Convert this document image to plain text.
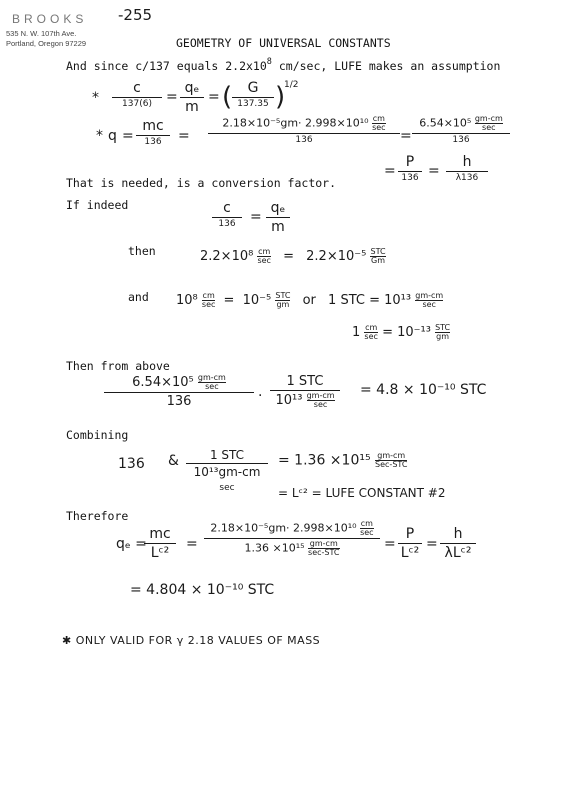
BROOKS -255
535 N. W. 107th Ave.
Portland, Oregon 97229	GEOMETRY OF UNIVERSAL CONSTANTS
And since c/137 equals $2.2x10^8$ cm/sec, LUFE makes an assumption
*
c
137(6)	=
qₑ
m
= (	G
137.35 )
1/2
* q =
mc
136	=
2.18×10⁻⁵gm· 2.998×10¹⁰ cm
sec
136	=
6.54×10⁵ gm-cm
sec
136
=
P
136 =
h
λ136
That is needed, is a conversion factor.
If indeed	c
136	=
qₑ
m
then	2.2×10⁸ cm
sec = 2.2×10⁻⁵ STC
Gm
and 10⁸ cm
sec = 10⁻⁵ STC
gm or 1 STC = 10¹³ gm-cm
sec
1 cm
sec = 10⁻¹³ STC
gm
Then from above
6.54×10⁵ gm-cm
sec
136	·
1 STC
10¹³ gm-cm
sec
= 4.8 × 10⁻¹⁰ STC
Combining
136 &	1 STC
10¹³gm-cm
sec
= 1.36 ×10¹⁵ gm-cm
Sec-STC
= Lᶜ² = LUFE CONSTANT #2
Therefore
qₑ =
mc
Lᶜ²
=
2.18×10⁻⁵gm· 2.998×10¹⁰ cm
sec
1.36 ×10¹⁵ gm-cm
sec-STC
=
P
Lᶜ²
=
h
λLᶜ²
= 4.804 × 10⁻¹⁰ STC
✱ ONLY VALID FOR γ 2.18 VALUES OF MASS
